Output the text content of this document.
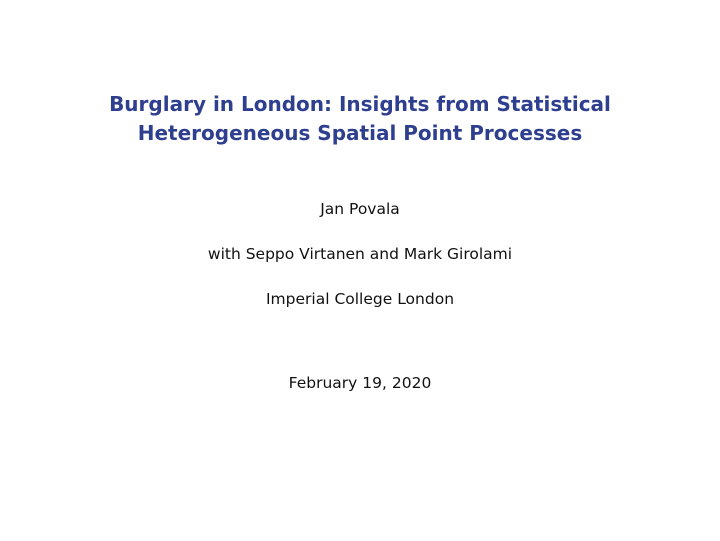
Burglary in London: Insights from Statistical
Heterogeneous Spatial Point Processes
Jan Povala
with Seppo Virtanen and Mark Girolami
Imperial College London
February 19, 2020
